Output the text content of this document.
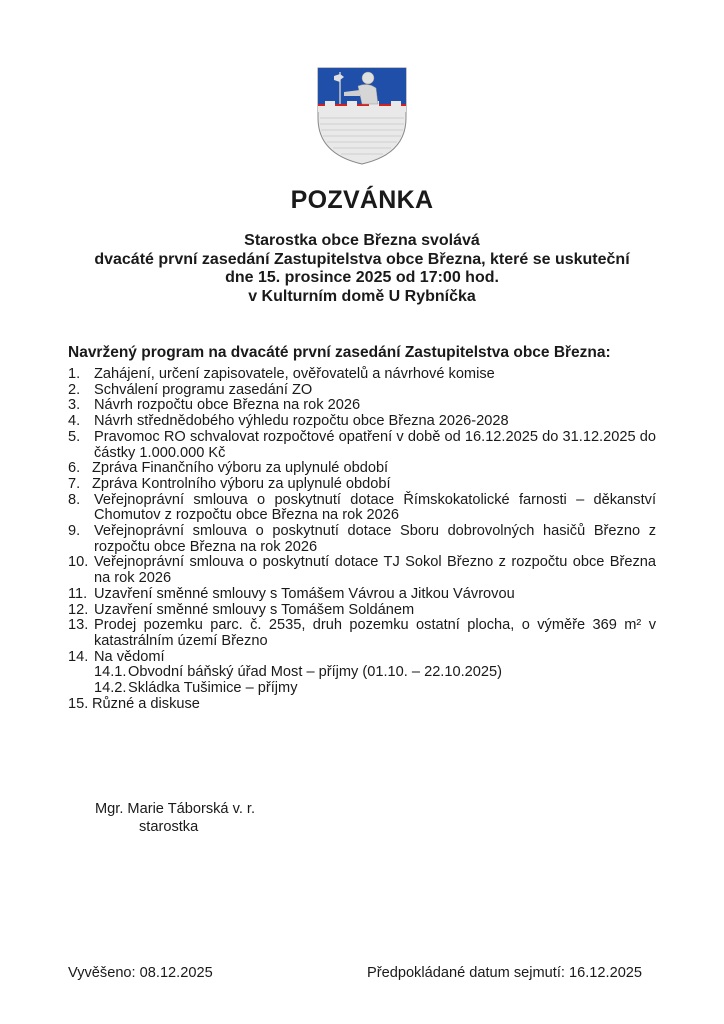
POZVÁNKA
Starostka obce Března svolává
dvacáté první zasedání Zastupitelstva obce Března, které se uskuteční
dne 15. prosince 2025 od 17:00 hod.
v Kulturním domě U Rybníčka
Navržený program na dvacáté první zasedání Zastupitelstva obce Března:
1. Zahájení, určení zapisovatele, ověřovatelů a návrhové komise
2. Schválení programu zasedání ZO
3. Návrh rozpočtu obce Března na rok 2026
4. Návrh střednědobého výhledu rozpočtu obce Března 2026-2028
5. Pravomoc RO schvalovat rozpočtové opatření v době od 16.12.2025 do 31.12.2025 do částky 1.000.000 Kč
6. Zpráva Finančního výboru za uplynulé období
7. Zpráva Kontrolního výboru za uplynulé období
8. Veřejnoprávní smlouva o poskytnutí dotace Římskokatolické farnosti – děkanství Chomutov z rozpočtu obce Března na rok 2026
9. Veřejnoprávní smlouva o poskytnutí dotace Sboru dobrovolných hasičů Březno z rozpočtu obce Března na rok 2026
10. Veřejnoprávní smlouva o poskytnutí dotace TJ Sokol Březno z rozpočtu obce Března na rok 2026
11. Uzavření směnné smlouvy s Tomášem Vávrou a Jitkou Vávrovou
12. Uzavření směnné smlouvy s Tomášem Soldánem
13. Prodej pozemku parc. č. 2535, druh pozemku ostatní plocha, o výměře 369 m² v katastrálním území Březno
14. Na vědomí
14.1. Obvodní báňský úřad Most – příjmy (01.10. – 22.10.2025)
14.2. Skládka Tušimice – příjmy
15. Různé a diskuse
Mgr. Marie Táborská v. r.
starostka
Vyvěšeno: 08.12.2025	Předpokládané datum sejmutí: 16.12.2025
